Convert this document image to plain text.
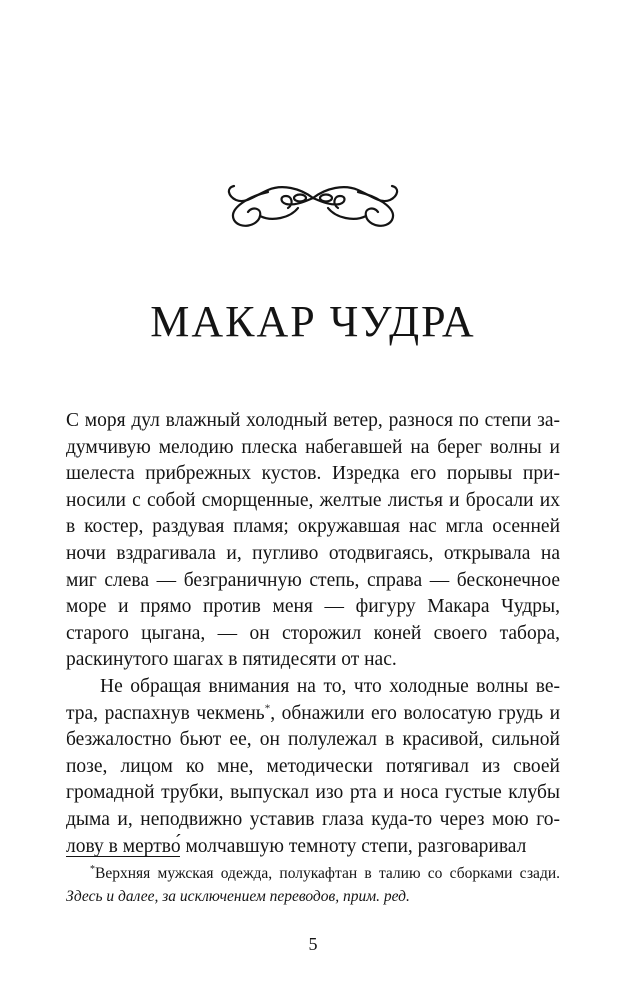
МАКАР ЧУДРА

С моря дул влажный холодный ветер, разнося по степи задумчивую мелодию плеска набегавшей на берег волны и шелеста прибрежных кустов. Изредка его порывы приносили с собой сморщенные, желтые листья и бросали их в костер, раздувая пламя; окружавшая нас мгла осенней ночи вздрагивала и, пугливо отодвигаясь, открывала на миг слева — безграничную степь, справа — бесконечное море и прямо против меня — фигуру Макара Чудры, старого цыгана, — он сторожил коней своего табора, раскинутого шагах в пятидесяти от нас.

Не обращая внимания на то, что холодные волны ветра, распахнув чекмень*, обнажили его волосатую грудь и безжалостно бьют ее, он полулежал в красивой, сильной позе, лицом ко мне, методически потягивал из своей громадной трубки, выпускал изо рта и носа густые клубы дыма и, неподвижно уставив глаза куда-то через мою голову в мертво́ молчавшую темноту степи, разговаривал

*Верхняя мужская одежда, полукафтан в талию со сборками сзади. Здесь и далее, за исключением переводов, прим. ред.
5
